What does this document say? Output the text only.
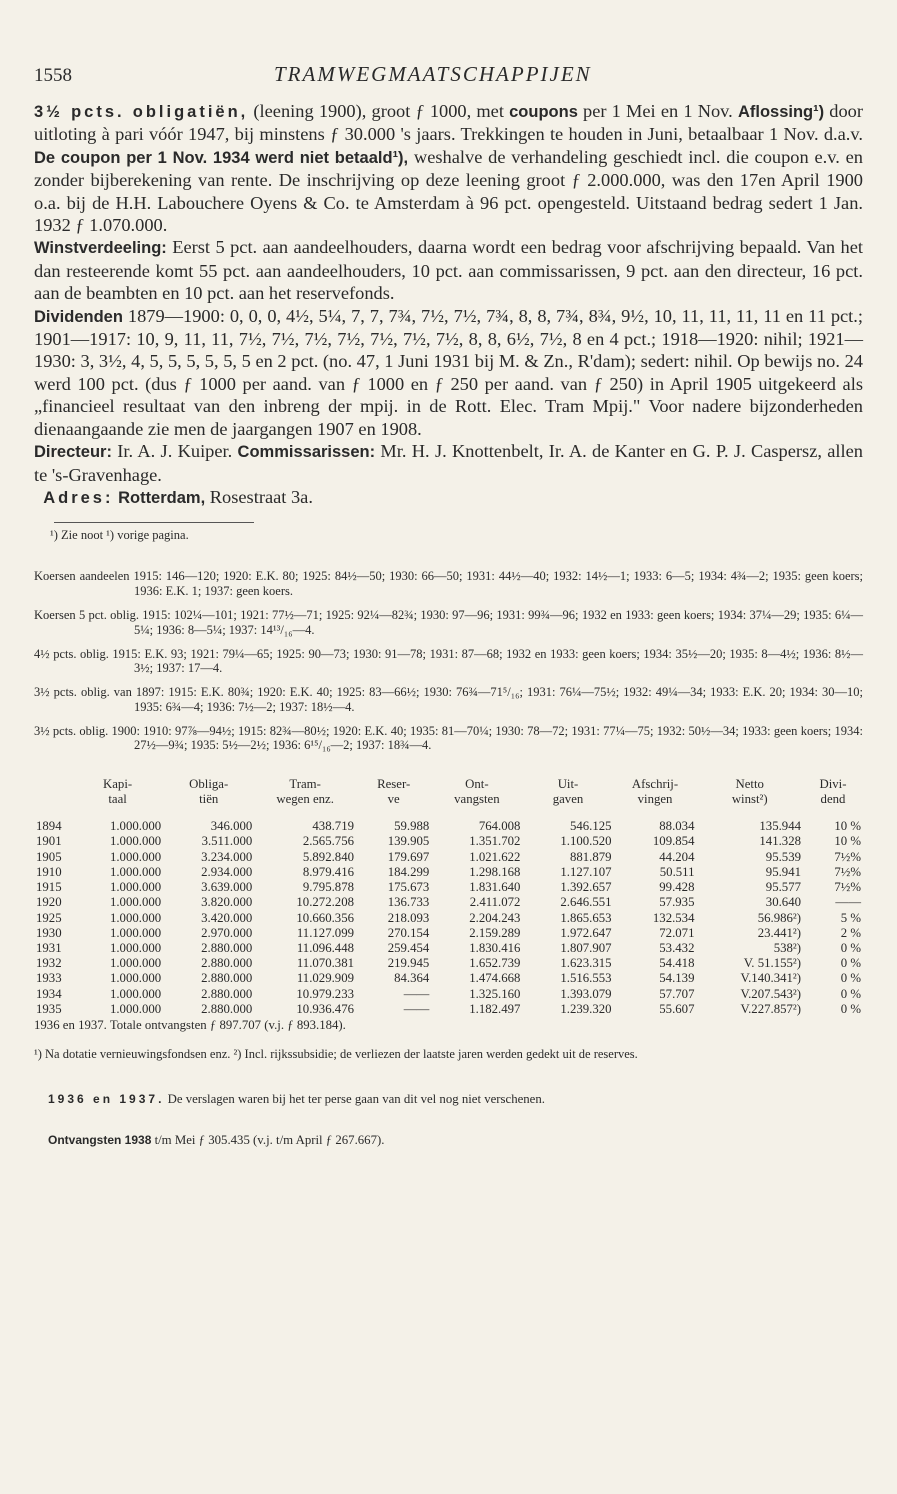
1558	TRAMWEGMAATSCHAPPIJEN

3½ pcts. obligatiën, (leening 1900), groot ƒ 1000, met coupons per 1 Mei en 1 Nov. Aflossing¹) door uitloting à pari vóór 1947, bij minstens ƒ 30.000 's jaars. Trekkingen te houden in Juni, betaalbaar 1 Nov. d.a.v. De coupon per 1 Nov. 1934 werd niet betaald¹), weshalve de verhandeling geschiedt incl. die coupon e.v. en zonder bijberekening van rente. De inschrijving op deze leening groot ƒ 2.000.000, was den 17en April 1900 o.a. bij de H.H. Labouchere Oyens & Co. te Amsterdam à 96 pct. opengesteld. Uitstaand bedrag sedert 1 Jan. 1932 ƒ 1.070.000.

Winstverdeeling: Eerst 5 pct. aan aandeelhouders, daarna wordt een bedrag voor afschrijving bepaald. Van het dan resteerende komt 55 pct. aan aandeelhouders, 10 pct. aan commissarissen, 9 pct. aan den directeur, 16 pct. aan de beambten en 10 pct. aan het reservefonds.

Dividenden 1879—1900: 0, 0, 0, 4½, 5¼, 7, 7, 7¾, 7½, 7½, 7¾, 8, 8, 7¾, 8¾, 9½, 10, 11, 11, 11, 11 en 11 pct.; 1901—1917: 10, 9, 11, 11, 7½, 7½, 7½, 7½, 7½, 7½, 7½, 8, 8, 6½, 7½, 8 en 4 pct.; 1918—1920: nihil; 1921—1930: 3, 3½, 4, 5, 5, 5, 5, 5, 5 en 2 pct. (no. 47, 1 Juni 1931 bij M. & Zn., R'dam); sedert: nihil. Op bewijs no. 24 werd 100 pct. (dus ƒ 1000 per aand. van ƒ 1000 en ƒ 250 per aand. van ƒ 250) in April 1905 uitgekeerd als „financieel resultaat van den inbreng der mpij. in de Rott. Elec. Tram Mpij." Voor nadere bijzonderheden dienaangaande zie men de jaargangen 1907 en 1908.

Directeur: Ir. A. J. Kuiper. Commissarissen: Mr. H. J. Knottenbelt, Ir. A. de Kanter en G. P. J. Caspersz, allen te 's-Gravenhage.

Adres: Rotterdam, Rosestraat 3a.

¹) Zie noot ¹) vorige pagina.

Koersen aandeelen 1915: 146—120; 1920: E.K. 80; 1925: 84½—50; 1930: 66—50; 1931: 44½—40; 1932: 14½—1; 1933: 6—5; 1934: 4¾—2; 1935: geen koers; 1936: E.K. 1; 1937: geen koers.

Koersen 5 pct. oblig. 1915: 102¼—101; 1921: 77½—71; 1925: 92¼—82¾; 1930: 97—96; 1931: 99¾—96; 1932 en 1933: geen koers; 1934: 37¼—29; 1935: 6¼—5¼; 1936: 8—5¼; 1937: 14¹³/₁₆—4.

4½ pcts. oblig. 1915: E.K. 93; 1921: 79¼—65; 1925: 90—73; 1930: 91—78; 1931: 87—68; 1932 en 1933: geen koers; 1934: 35½—20; 1935: 8—4½; 1936: 8½—3½; 1937: 17—4.

3½ pcts. oblig. van 1897: 1915: E.K. 80¾; 1920: E.K. 40; 1925: 83—66½; 1930: 76¾—71⁵/₁₆; 1931: 76¼—75½; 1932: 49¼—34; 1933: E.K. 20; 1934: 30—10; 1935: 6¾—4; 1936: 7½—2; 1937: 18½—4.

3½ pcts. oblig. 1900: 1910: 97⅞—94½; 1915: 82¾—80½; 1920: E.K. 40; 1935: 81—70¼; 1930: 78—72; 1931: 77¼—75; 1932: 50½—34; 1933: geen koers; 1934: 27½—9¾; 1935: 5½—2½; 1936: 6¹⁵/₁₆—2; 1937: 18¾—4.

	Kapi-
taal	Obliga-
tiën	Tram-
wegen enz.	Reser-
ve	Ont-
vangsten	Uit-
gaven	Afschrij-
vingen	Netto
winst²)	Divi-
dend
1894	1.000.000	346.000	438.719	59.988	764.008	546.125	88.034	135.944	10 %
1901	1.000.000	3.511.000	2.565.756	139.905	1.351.702	1.100.520	109.854	141.328	10 %
1905	1.000.000	3.234.000	5.892.840	179.697	1.021.622	881.879	44.204	95.539	7½%
1910	1.000.000	2.934.000	8.979.416	184.299	1.298.168	1.127.107	50.511	95.941	7½%
1915	1.000.000	3.639.000	9.795.878	175.673	1.831.640	1.392.657	99.428	95.577	7½%
1920	1.000.000	3.820.000	10.272.208	136.733	2.411.072	2.646.551	57.935	30.640	——
1925	1.000.000	3.420.000	10.660.356	218.093	2.204.243	1.865.653	132.534	56.986²)	5 %
1930	1.000.000	2.970.000	11.127.099	270.154	2.159.289	1.972.647	72.071	23.441²)	2 %
1931	1.000.000	2.880.000	11.096.448	259.454	1.830.416	1.807.907	53.432	538²)	0 %
1932	1.000.000	2.880.000	11.070.381	219.945	1.652.739	1.623.315	54.418	V. 51.155²)	0 %
1933	1.000.000	2.880.000	11.029.909	84.364	1.474.668	1.516.553	54.139	V.140.341²)	0 %
1934	1.000.000	2.880.000	10.979.233	——	1.325.160	1.393.079	57.707	V.207.543²)	0 %
1935	1.000.000	2.880.000	10.936.476	——	1.182.497	1.239.320	55.607	V.227.857²)	0 %
1936 en 1937. Totale ontvangsten ƒ 897.707 (v.j. ƒ 893.184).
¹) Na dotatie vernieuwingsfondsen enz. ²) Incl. rijkssubsidie; de verliezen der laatste jaren werden gedekt uit de reserves.
1936 en 1937. De verslagen waren bij het ter perse gaan van dit vel nog niet verschenen.
Ontvangsten 1938 t/m Mei ƒ 305.435 (v.j. t/m April ƒ 267.667).
